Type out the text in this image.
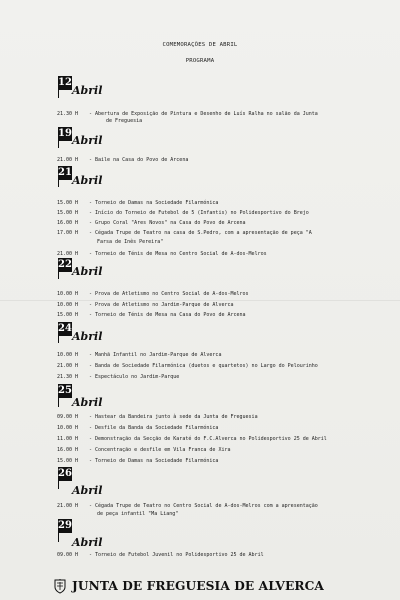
COMEMORAÇÕES DE ABRIL
PROGRAMA
12
Abril
21.30 H - Abertura de Exposição de Pintura e Desenho de Luís Ralha no salão da Junta
de Freguesia
19
Abril
21.00 H - Baile na Casa do Povo de Arcena
21
Abril
15.00 H - Torneio de Damas na Sociedade Filarmónica
15.00 H - Início do Torneio de Futebol de 5 (Infantis) no Polidesportivo do Brejo
16.00 H - Grupo Coral "Ares Novos" na Casa do Povo de Arcena
17.00 H - Cégada Trupe de Teatro na casa de S.Pedro, com a apresentação de peça "A
Farsa de Inês Pereira"
21.00 H - Torneio de Ténis de Mesa no Centro Social de A-dos-Melros
22
Abril
10.00 H - Prova de Atletismo no Centro Social de A-dos-Melros
10.00 H - Prova de Atletismo no Jardim-Parque de Alverca
15.00 H - Torneio de Ténis de Mesa na Casa do Povo de Arcena
24
Abril
10.00 H - Manhã Infantil no Jardim-Parque de Alverca
21.00 H - Banda de Sociedade Filarmónica (duetos e quartetos) no Largo do Pelourinho
21.30 H - Espectáculo no Jardim-Parque
25
Abril
09.00 H - Hastear da Bandeira junto à sede da Junta de Freguesia
10.00 H - Desfile da Banda da Sociedade Filarmónica
11.00 H - Demonstração da Secção de Karaté do F.C.Alverca no Polidesportivo 25 de Abril
16.00 H - Concentração e desfile em Vila Franca de Xira
15.00 H - Torneio de Damas na Sociedade Filarmónica
26
Abril
21.00 H - Cégada Trupe de Teatro no Centro Social de A-dos-Melros com a apresentação
de peça infantil "Ma Liang"
29
Abril
09.00 H - Torneio de Futebol Juvenil no Polidesportivo 25 de Abril
JUNTA DE FREGUESIA DE ALVERCA
